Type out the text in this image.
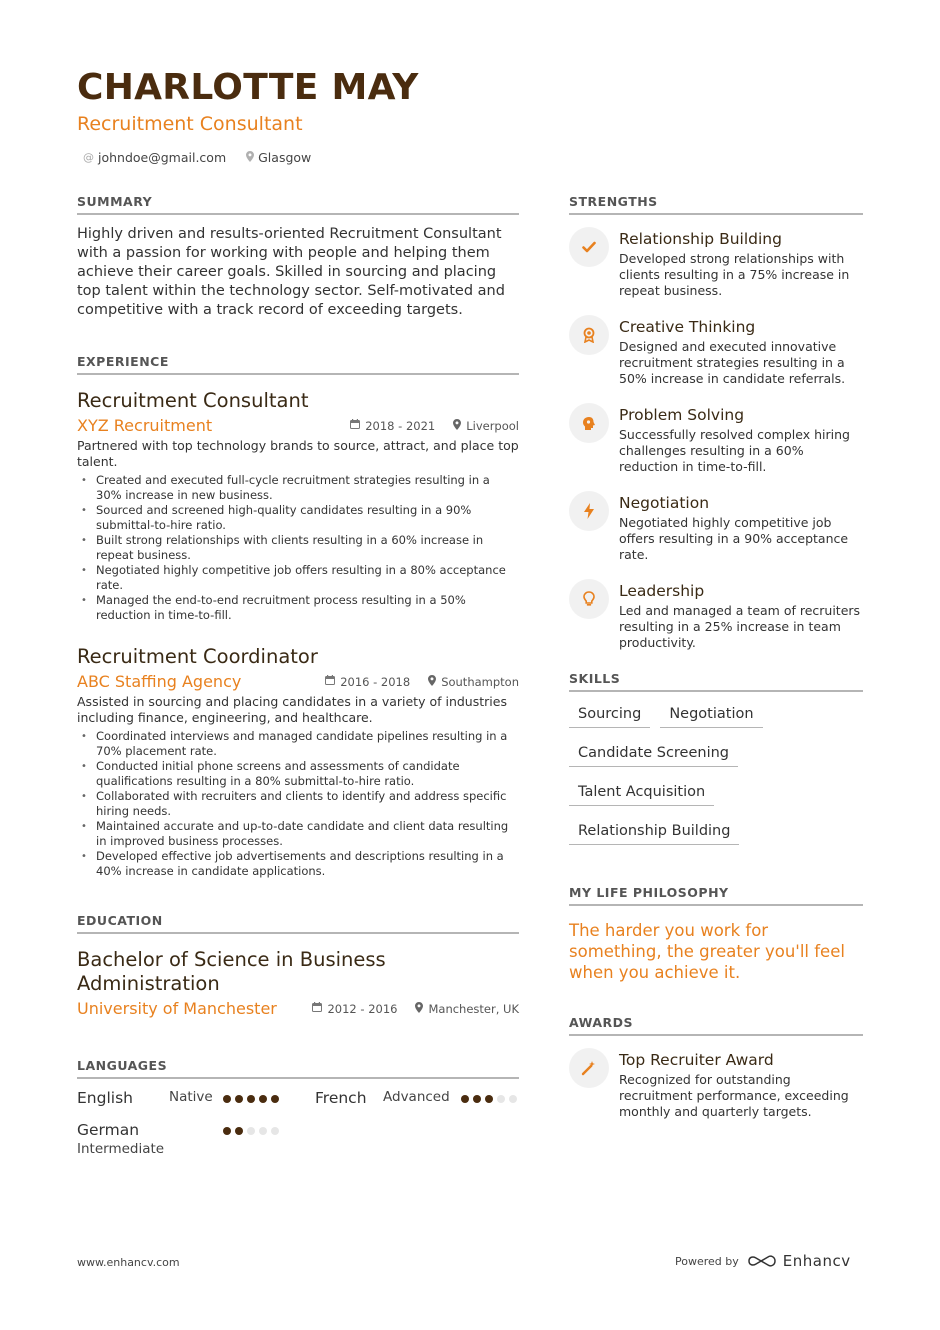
CHARLOTTE MAY
Recruitment Consultant
@ johndoe@gmail.com	Glasgow
SUMMARY

Highly driven and results-oriented Recruitment Consultant with a passion for working with people and helping them achieve their career goals. Skilled in sourcing and placing top talent within the technology sector. Self-motivated and competitive with a track record of exceeding targets.

EXPERIENCE
Recruitment Consultant
XYZ Recruitment	2018 - 2021	Liverpool
Partnered with top technology brands to source, attract, and place top talent.
• Created and executed full-cycle recruitment strategies resulting in a 30% increase in new business.
• Sourced and screened high-quality candidates resulting in a 90% submittal-to-hire ratio.
• Built strong relationships with clients resulting in a 60% increase in repeat business.
• Negotiated highly competitive job offers resulting in a 80% acceptance rate.
• Managed the end-to-end recruitment process resulting in a 50% reduction in time-to-fill.
Recruitment Coordinator
ABC Staffing Agency	2016 - 2018	Southampton
Assisted in sourcing and placing candidates in a variety of industries including finance, engineering, and healthcare.
• Coordinated interviews and managed candidate pipelines resulting in a 70% placement rate.
• Conducted initial phone screens and assessments of candidate qualifications resulting in a 80% submittal-to-hire ratio.
• Collaborated with recruiters and clients to identify and address specific hiring needs.
• Maintained accurate and up-to-date candidate and client data resulting in improved business processes.
• Developed effective job advertisements and descriptions resulting in a 40% increase in candidate applications.
EDUCATION
Bachelor of Science in Business Administration
University of Manchester	2012 - 2016	Manchester, UK
LANGUAGES
English	Native	French	Advanced
German
Intermediate
STRENGTHS
Relationship Building
Developed strong relationships with clients resulting in a 75% increase in repeat business.
Creative Thinking
Designed and executed innovative recruitment strategies resulting in a 50% increase in candidate referrals.
Problem Solving
Successfully resolved complex hiring challenges resulting in a 60% reduction in time-to-fill.
Negotiation
Negotiated highly competitive job offers resulting in a 90% acceptance rate.
Leadership
Led and managed a team of recruiters resulting in a 25% increase in team productivity.
SKILLS
Sourcing	Negotiation
Candidate Screening
Talent Acquisition
Relationship Building
MY LIFE PHILOSOPHY

The harder you work for something, the greater you'll feel when you achieve it.

AWARDS
Top Recruiter Award
Recognized for outstanding recruitment performance, exceeding monthly and quarterly targets.
www.enhancv.com	Powered by	Enhancv
